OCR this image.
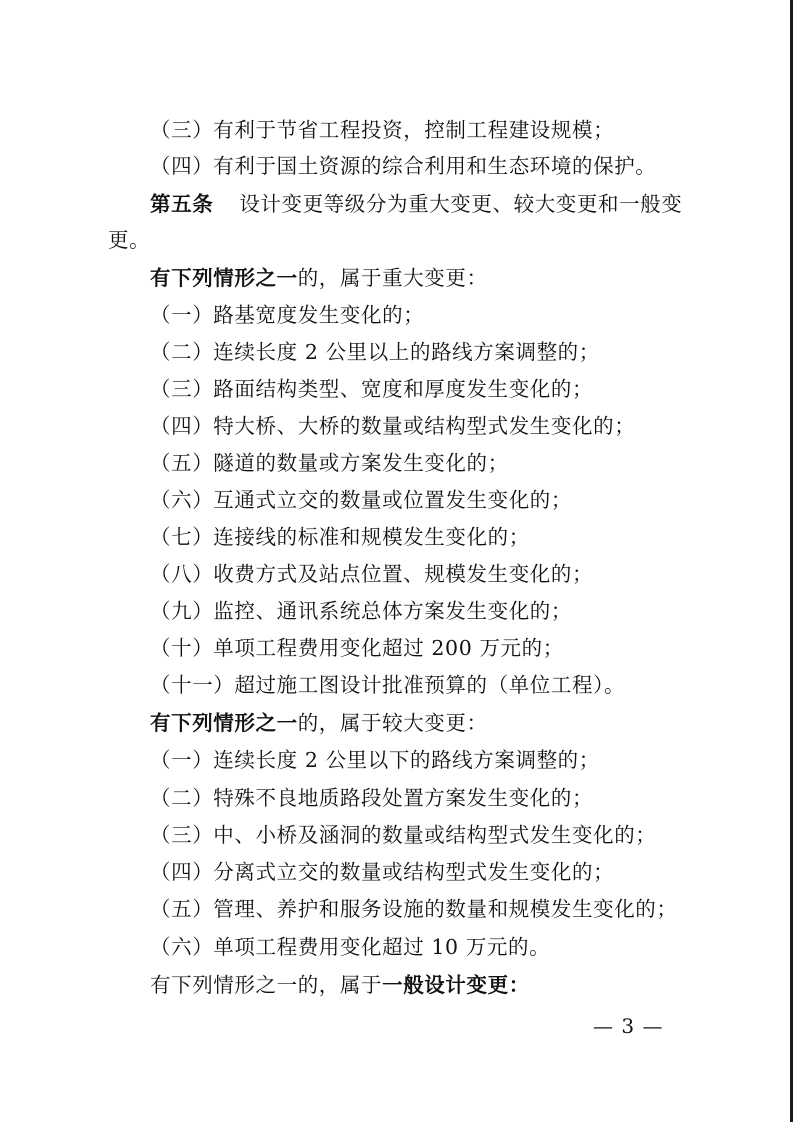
（三）有利于节省工程投资，控制工程建设规模；
（四）有利于国土资源的综合利用和生态环境的保护。
第五条 设计变更等级分为重大变更、较大变更和一般变
更。
有下列情形之一的，属于重大变更：
（一）路基宽度发生变化的；
（二）连续长度 2 公里以上的路线方案调整的；
（三）路面结构类型、宽度和厚度发生变化的；
（四）特大桥、大桥的数量或结构型式发生变化的；
（五）隧道的数量或方案发生变化的；
（六）互通式立交的数量或位置发生变化的；
（七）连接线的标准和规模发生变化的；
（八）收费方式及站点位置、规模发生变化的；
（九）监控、通讯系统总体方案发生变化的；
（十）单项工程费用变化超过 200 万元的；
（十一）超过施工图设计批准预算的（单位工程）。
有下列情形之一的，属于较大变更：
（一）连续长度 2 公里以下的路线方案调整的；
（二）特殊不良地质路段处置方案发生变化的；
（三）中、小桥及涵洞的数量或结构型式发生变化的；
（四）分离式立交的数量或结构型式发生变化的；
（五）管理、养护和服务设施的数量和规模发生变化的；
（六）单项工程费用变化超过 10 万元的。
有下列情形之一的，属于一般设计变更：
— 3 —
